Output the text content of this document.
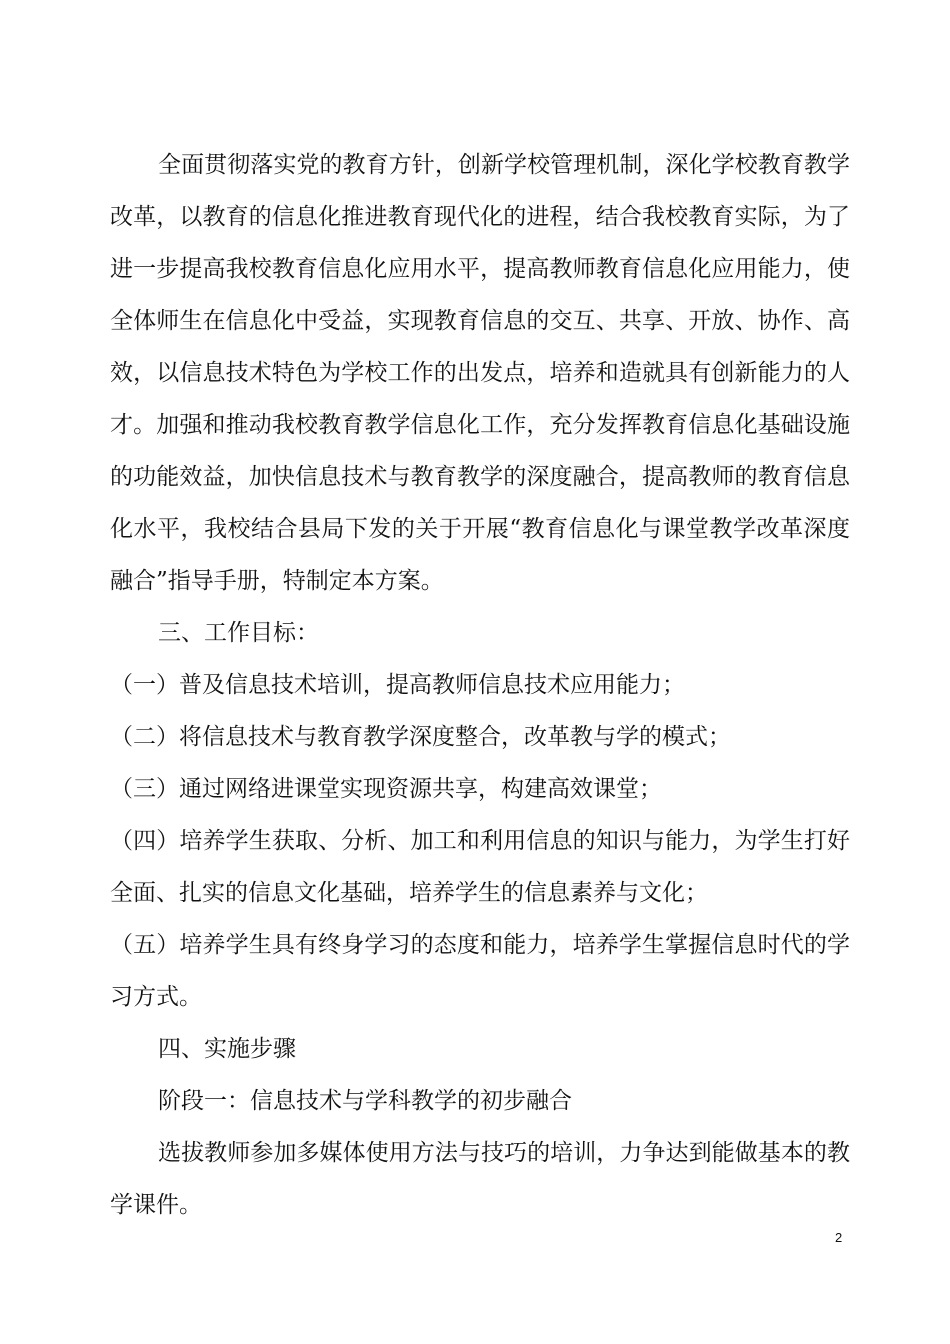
全面贯彻落实党的教育方针，创新学校管理机制，深化学校教育教学改革，以教育的信息化推进教育现代化的进程，结合我校教育实际，为了进一步提高我校教育信息化应用水平，提高教师教育信息化应用能力，使全体师生在信息化中受益，实现教育信息的交互、共享、开放、协作、高效，以信息技术特色为学校工作的出发点，培养和造就具有创新能力的人才。加强和推动我校教育教学信息化工作，充分发挥教育信息化基础设施的功能效益，加快信息技术与教育教学的深度融合，提高教师的教育信息化水平，我校结合县局下发的关于开展“教育信息化与课堂教学改革深度融合”指导手册，特制定本方案。

三、工作目标：

（一）普及信息技术培训，提高教师信息技术应用能力；

（二）将信息技术与教育教学深度整合，改革教与学的模式；

（三）通过网络进课堂实现资源共享，构建高效课堂；

（四）培养学生获取、分析、加工和利用信息的知识与能力，为学生打好全面、扎实的信息文化基础，培养学生的信息素养与文化；

（五）培养学生具有终身学习的态度和能力，培养学生掌握信息时代的学习方式。

四、实施步骤

阶段一：信息技术与学科教学的初步融合

选拔教师参加多媒体使用方法与技巧的培训，力争达到能做基本的教学课件。

2
